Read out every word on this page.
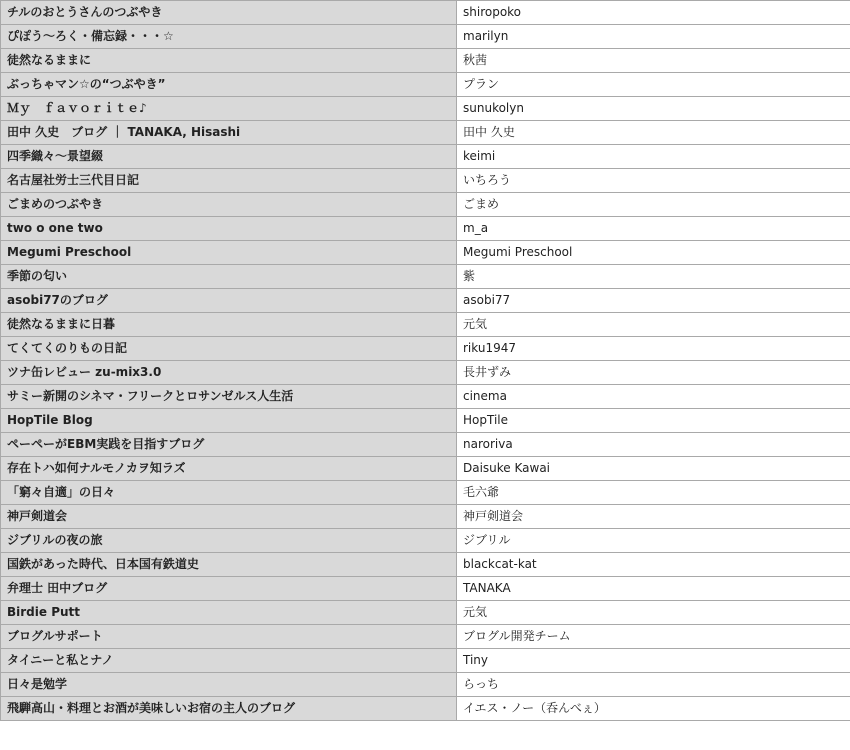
チルのおとうさんのつぶやき	shiropoko
ぴぽう〜ろく・備忘録・・・☆	marilyn
徒然なるままに	秋茜
ぶっちゃマン☆の“つぶやき”	プラン
Ｍｙ　ｆａｖｏｒｉｔｅ♪	sunukolyn
田中 久史　ブログ ｜ TANAKA, Hisashi	田中 久史
四季織々〜景望綴	keimi
名古屋社労士三代目日記	いちろう
ごまめのつぶやき	ごまめ
two o one two	m_a
Megumi Preschool	Megumi Preschool
季節の匂い	紫
asobi77のブログ	asobi77
徒然なるままに日暮	元気
てくてくのりもの日記	riku1947
ツナ缶レビュー zu-mix3.0	長井ずみ
サミー新開のシネマ・フリークとロサンゼルス人生活	cinema
HopTile Blog	HopTile
ペーペーがEBM実践を目指すブログ	naroriva
存在トハ如何ナルモノカヲ知ラズ	Daisuke Kawai
「窮々自適」の日々	毛六爺
神戸剣道会	神戸剣道会
ジブリルの夜の旅	ジブリル
国鉄があった時代、日本国有鉄道史	blackcat-kat
弁理士 田中ブログ	TANAKA
Birdie Putt	元気
ブログルサポート	ブログル開発チーム
タイニーと私とナノ	Tiny
日々是勉学	らっち
飛騨高山・料理とお酒が美味しいお宿の主人のブログ	イエス・ノー（呑んべぇ）
